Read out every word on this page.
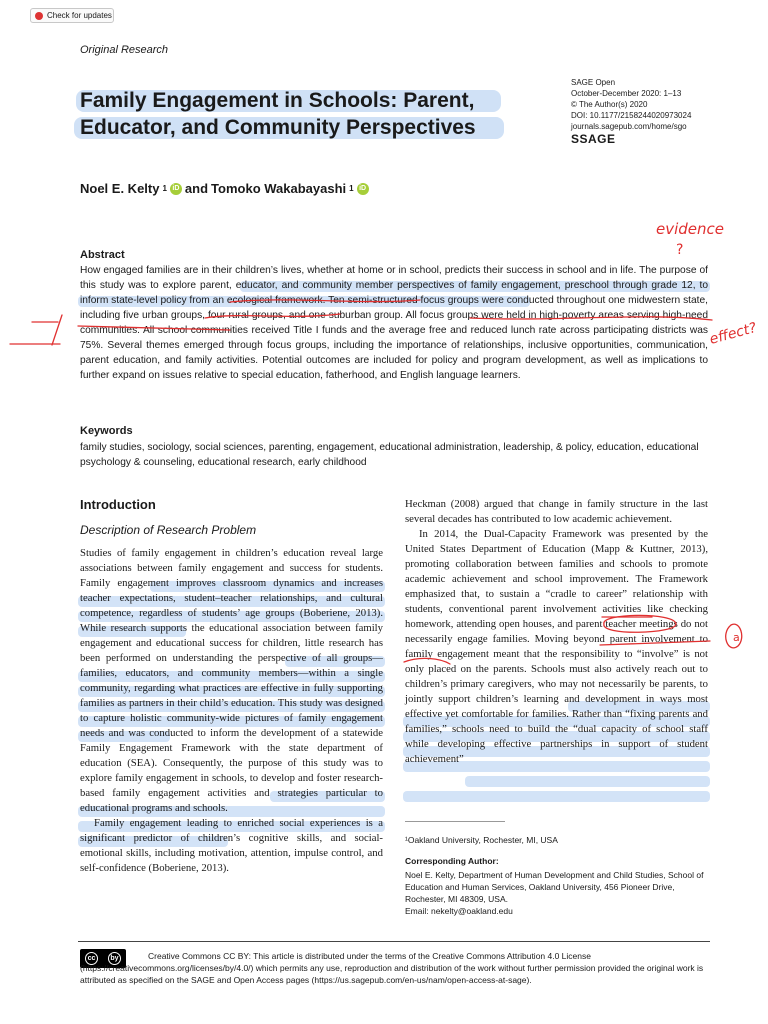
Check for updates
Original Research
SAGE Open
October-December 2020: 1–13
© The Author(s) 2020
DOI: 10.1177/2158244020973024
journals.sagepub.com/home/sgo
SSAGE
Family Engagement in Schools: Parent, Educator, and Community Perspectives
Noel E. Kelty 1 iD and Tomoko Wakabayashi 1 iD
Abstract

How engaged families are in their children’s lives, whether at home or in school, predicts their success in school and in life. The purpose of this study was to explore parent, educator, and community member perspectives of family engagement, preschool through grade 12, to inform state-level policy from an ecological framework. Ten semi-structured focus groups were conducted throughout one midwestern state, including five urban groups, four rural groups, and one suburban group. All focus groups were held in high-poverty areas serving high-need communities. All school communities received Title I funds and the average free and reduced lunch rate across participating districts was 75%. Several themes emerged through focus groups, including the importance of relationships, inclusive opportunities, communication, parent education, and family activities. Potential outcomes are included for policy and program development, as well as implications to further expand on issues relative to special education, fatherhood, and English language learners.

Keywords

family studies, sociology, social sciences, parenting, engagement, educational administration, leadership, & policy, education, educational psychology & counseling, educational research, early childhood

Introduction
Description of Research Problem

Studies of family engagement in children’s education reveal large associations between family engagement and success for students. Family engagement improves classroom dynamics and increases teacher expectations, student–teacher relationships, and cultural competence, regardless of students’ age groups (Boberiene, 2013). While research supports the educational association between family engagement and educational success for children, little research has been performed on understanding the perspective of all groups—families, educators, and community members—within a single community, regarding what practices are effective in fully supporting families as partners in their child’s education. This study was designed to capture holistic community-wide pictures of family engagement needs and was conducted to inform the development of a statewide Family Engagement Framework with the state department of education (SEA). Consequently, the purpose of this study was to explore family engagement in schools, to develop and foster research-based family engagement activities and strategies particular to educational programs and schools.

Family engagement leading to enriched social experiences is a significant predictor of children’s cognitive skills, and social-emotional skills, including motivation, attention, impulse control, and self-confidence (Boberiene, 2013).

Heckman (2008) argued that change in family structure in the last several decades has contributed to low academic achievement.

In 2014, the Dual-Capacity Framework was presented by the United States Department of Education (Mapp & Kuttner, 2013), promoting collaboration between families and schools to promote academic achievement and school improvement. The Framework emphasized that, to sustain a “cradle to career” relationship with students, conventional parent involvement activities like checking homework, attending open houses, and parent teacher meetings do not necessarily engage families. Moving beyond parent involvement to family engagement meant that the responsibility to “involve” is not only placed on the parents. Schools must also actively reach out to children’s primary caregivers, who may not necessarily be parents, to jointly support children’s learning and development in ways most effective yet comfortable for families. Rather than “fixing parents and families,” schools need to build the “dual capacity of school staff while developing effective partnerships in support of student achievement”

¹Oakland University, Rochester, MI, USA
Corresponding Author:
Noel E. Kelty, Department of Human Development and Child Studies, School of Education and Human Services, Oakland University, 456 Pioneer Drive, Rochester, MI 48309, USA.
Email: nekelty@oakland.edu
cc	by	Creative Commons CC BY: This article is distributed under the terms of the Creative Commons Attribution 4.0 License (https://creativecommons.org/licenses/by/4.0/) which permits any use, reproduction and distribution of the work without further permission provided the original work is attributed as specified on the SAGE and Open Access pages (https://us.sagepub.com/en-us/nam/open-access-at-sage).

evidence
?
effect?
a
